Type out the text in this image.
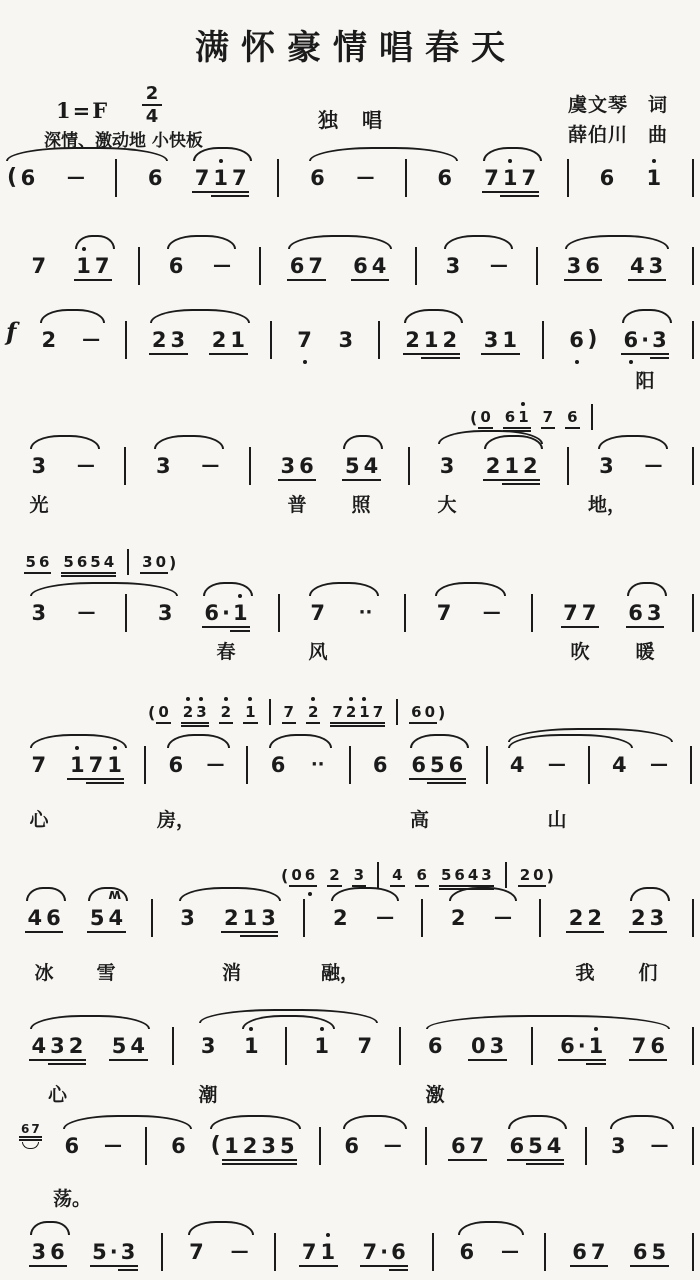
满怀豪情唱春天
1=F
2
4	独唱
虞文琴　词
薛伯川　曲
深情、激动地 小快板
( 6 —	6 7 1 7	6 —	6 7 1 7	6 1
7 1 7	6 —	6 7 6 4	3 —	3 6 4 3
f 2 — 2 3 2 1 7 3 2 1 2 3 1 6 ) 6 · 3
阳
( 0 6 1 7 6
3 —	3 —	3 6 5 4	3 2 1 2	3 —
光	普 照	大	地，
5 6 5 6 5 4 3 0 )
3 —	3 6 · 1	7 ··	7 —	7 7 6 3
春	风	吹 暖
( 0 2 3 2 1 7 2 7 2 1 7 6 0 )
7 1 7 1 6 — 6 ·· 6 6 5 6 4 — 4 —
心	房，	高	山
( 0 6 2 3 4 6 5 6 4 3 2 0 )
4 6 5 4
ʍ
3 2 1 3	2 —	2 —	2 2 2 3
冰 雪	消	融，	我 们
4 3 2 5 4	3 1	1 7	6 0 3	6 · 1 7 6
心	潮	激
6 7
6 — 6 ( 1 2 3 5 6 — 6 7 6 5 4 3 —
荡。
3 6 5 · 3	7 —	7 1 7 · 6	6 —	6 7 6 5
